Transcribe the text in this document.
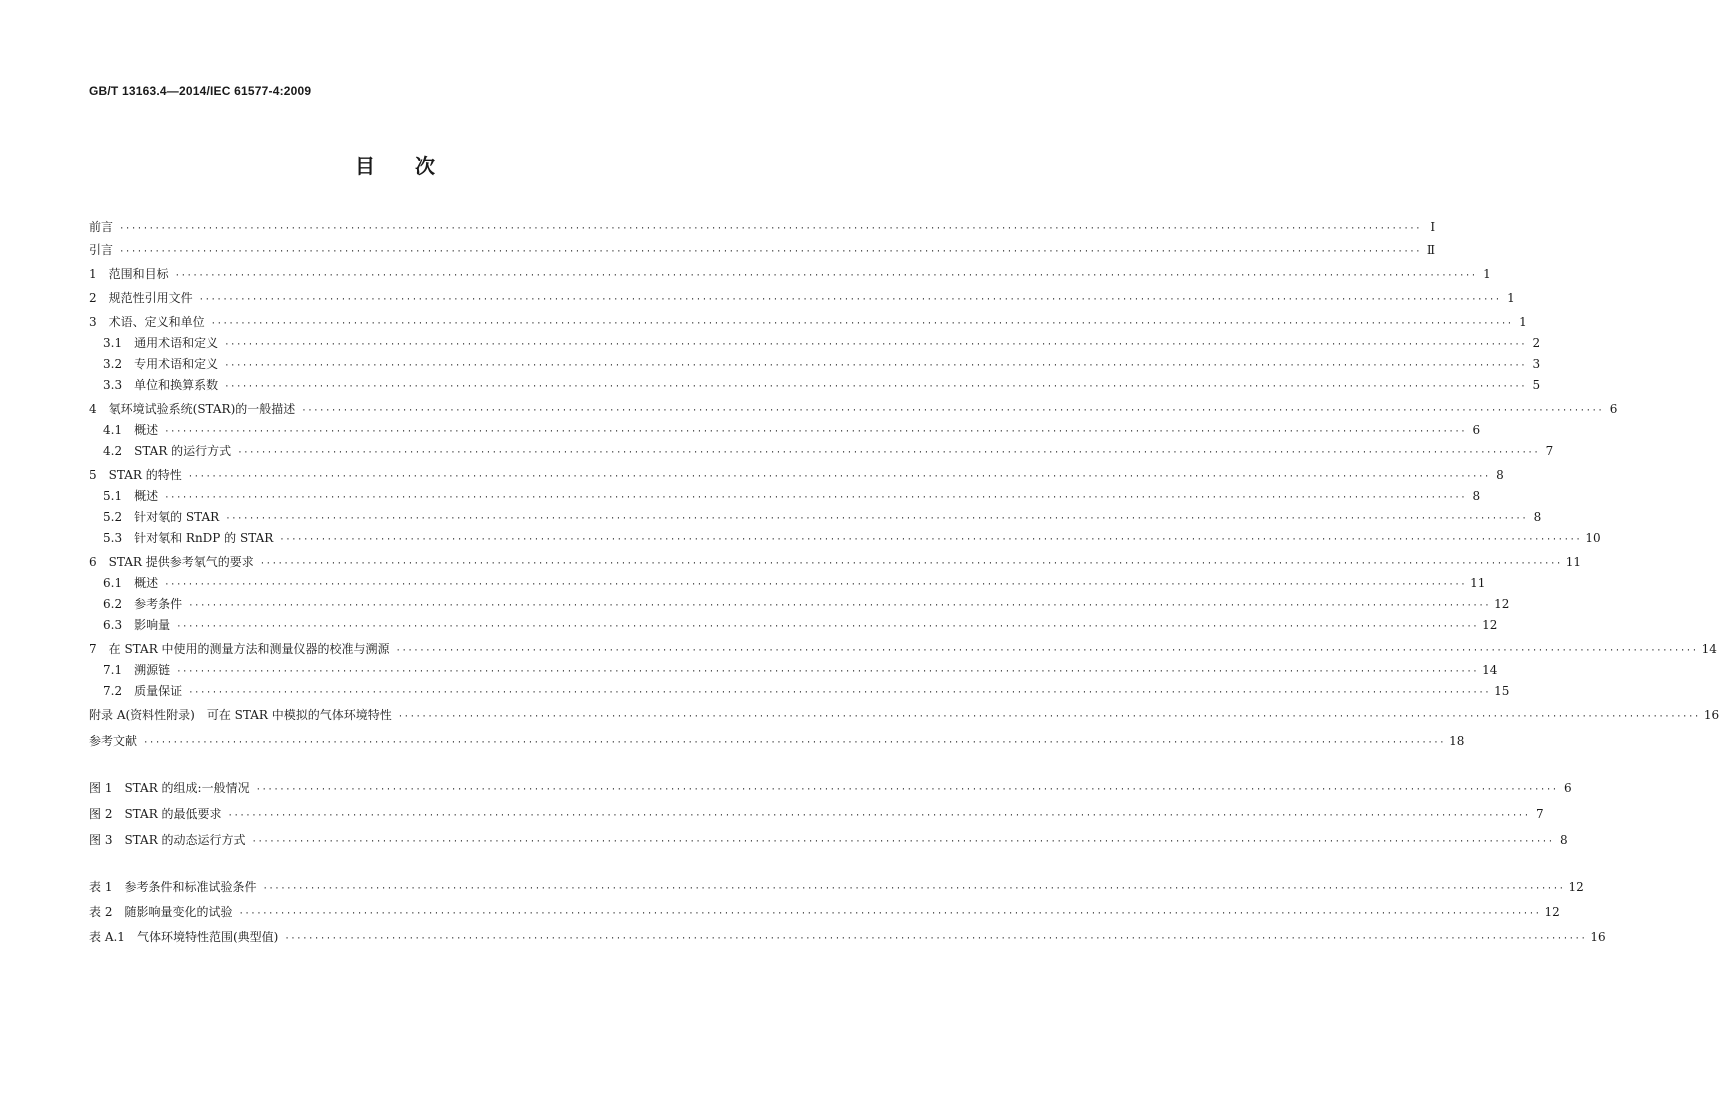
GB/T 13163.4—2014/IEC 61577-4:2009
目 次
前言 ···························································································································································································································· Ⅰ
引言 ···························································································································································································································· Ⅱ
1 范围和目标 ···························································································································································································································· 1
2 规范性引用文件 ···························································································································································································································· 1
3 术语、定义和单位 ···························································································································································································································· 1
3.1 通用术语和定义 ···························································································································································································································· 2
3.2 专用术语和定义 ···························································································································································································································· 3
3.3 单位和换算系数 ···························································································································································································································· 5
4 氡环境试验系统(STAR)的一般描述 ···························································································································································································································· 6
4.1 概述 ···························································································································································································································· 6
4.2 STAR 的运行方式 ···························································································································································································································· 7
5 STAR 的特性 ···························································································································································································································· 8
5.1 概述 ···························································································································································································································· 8
5.2 针对氡的 STAR ···························································································································································································································· 8
5.3 针对氡和 RnDP 的 STAR ···························································································································································································································· 10
6 STAR 提供参考氡气的要求 ···························································································································································································································· 11
6.1 概述 ···························································································································································································································· 11
6.2 参考条件 ···························································································································································································································· 12
6.3 影响量 ···························································································································································································································· 12
7 在 STAR 中使用的测量方法和测量仪器的校准与溯源 ···························································································································································································································· 14
7.1 溯源链 ···························································································································································································································· 14
7.2 质量保证 ···························································································································································································································· 15
附录 A(资料性附录)　可在 STAR 中模拟的气体环境特性 ···························································································································································································································· 16
参考文献 ···························································································································································································································· 18
图 1 STAR 的组成:一般情况 ···························································································································································································································· 6
图 2 STAR 的最低要求 ···························································································································································································································· 7
图 3 STAR 的动态运行方式 ···························································································································································································································· 8
表 1 参考条件和标准试验条件 ···························································································································································································································· 12
表 2 随影响量变化的试验 ···························································································································································································································· 12
表 A.1 气体环境特性范围(典型值) ···························································································································································································································· 16
